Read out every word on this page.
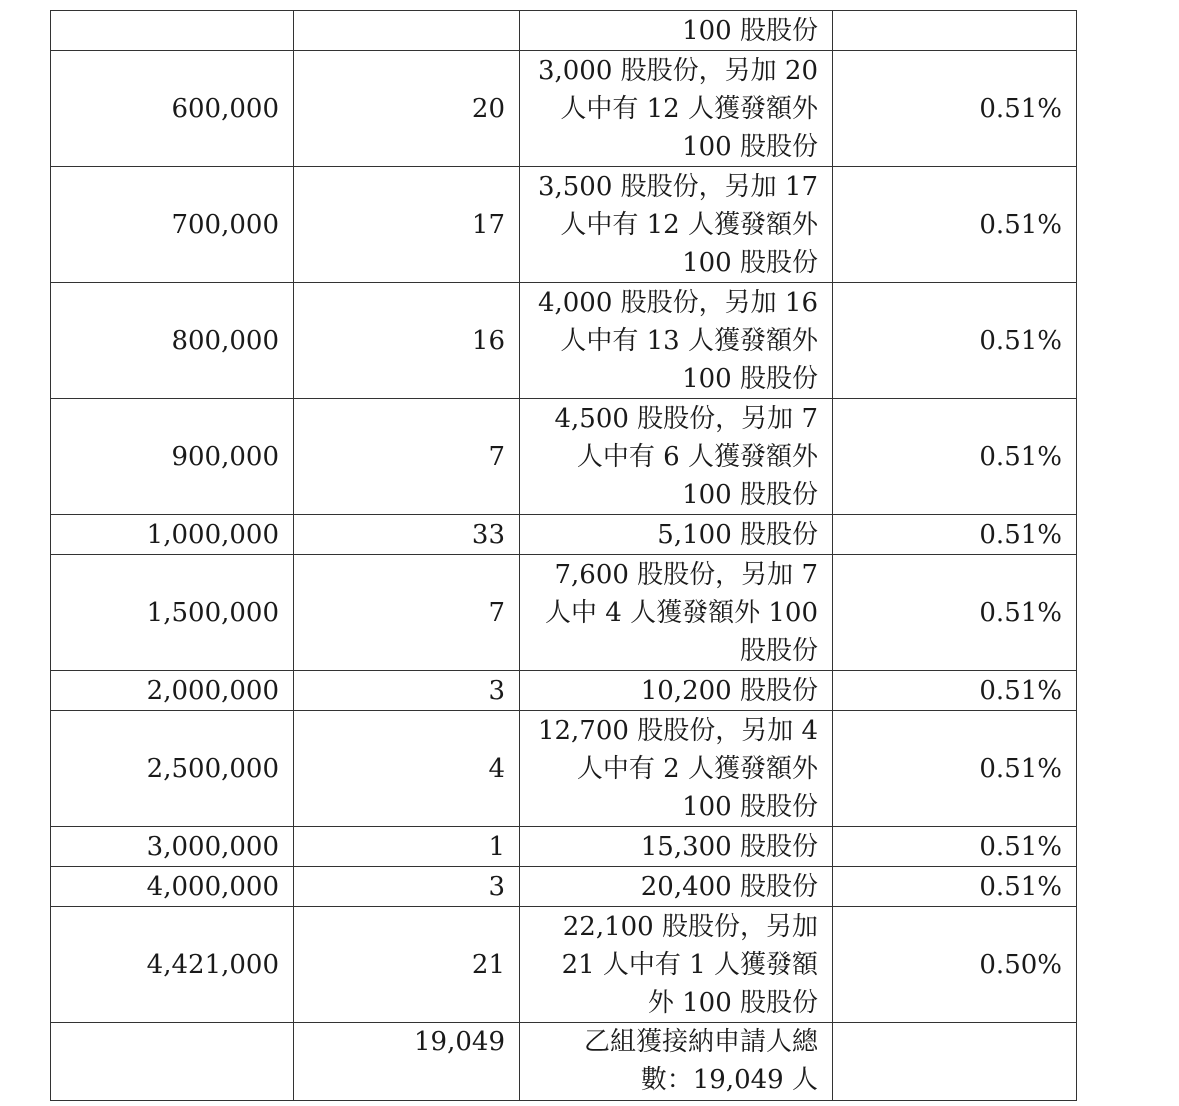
		100 股股份	
600,000	20	3,000 股股份，另加 20
人中有 12 人獲發額外
100 股股份	0.51%
700,000	17	3,500 股股份，另加 17
人中有 12 人獲發額外
100 股股份	0.51%
800,000	16	4,000 股股份，另加 16
人中有 13 人獲發額外
100 股股份	0.51%
900,000	7	4,500 股股份，另加 7
人中有 6 人獲發額外
100 股股份	0.51%
1,000,000	33	5,100 股股份	0.51%
1,500,000	7	7,600 股股份，另加 7
人中 4 人獲發額外 100
股股份	0.51%
2,000,000	3	10,200 股股份	0.51%
2,500,000	4	12,700 股股份，另加 4
人中有 2 人獲發額外
100 股股份	0.51%
3,000,000	1	15,300 股股份	0.51%
4,000,000	3	20,400 股股份	0.51%
4,421,000	21	22,100 股股份，另加
21 人中有 1 人獲發額
外 100 股股份	0.50%
	19,049	乙組獲接納申請人總
數：19,049 人	
